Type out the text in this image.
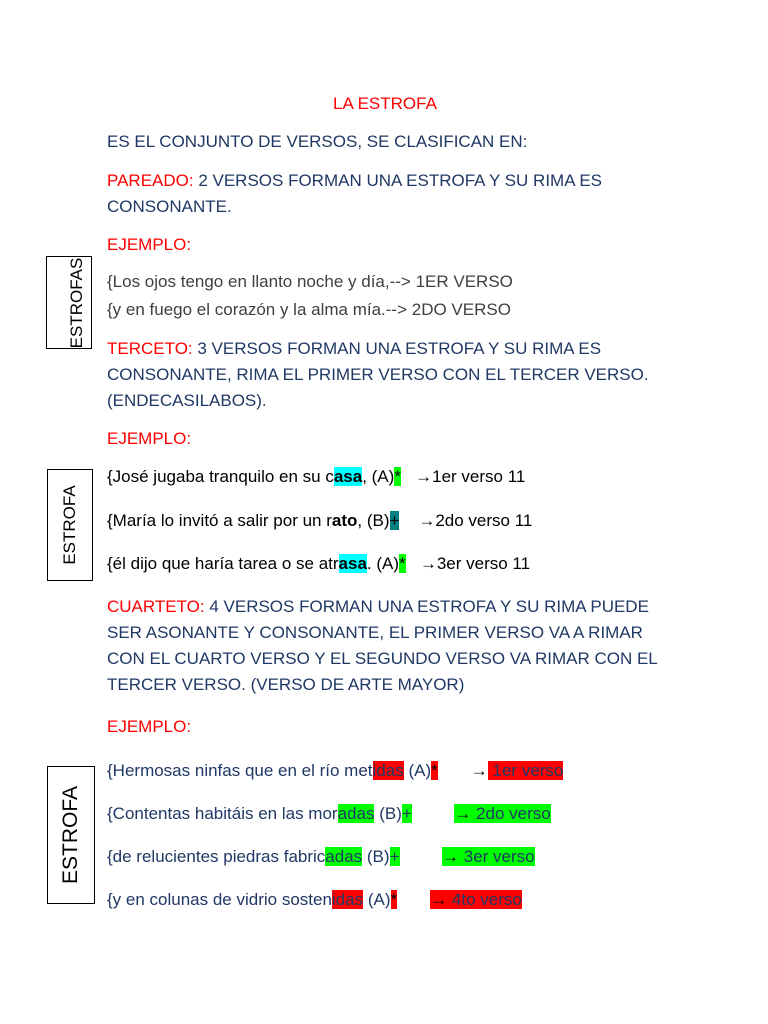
LA ESTROFA
ES EL CONJUNTO DE VERSOS, SE CLASIFICAN EN:
PAREADO: 2 VERSOS FORMAN UNA ESTROFA Y SU RIMA ES CONSONANTE.
EJEMPLO:
ESTROFAS {Los ojos tengo en llanto noche y día,--> 1ER VERSO
{y en fuego el corazón y la alma mía.--> 2DO VERSO
TERCETO: 3 VERSOS FORMAN UNA ESTROFA Y SU RIMA ES CONSONANTE, RIMA EL PRIMER VERSO CON EL TERCER VERSO. (ENDECASILABOS).
EJEMPLO:
ESTROFA
{José jugaba tranquilo en su casa, (A)* →1er verso 11
{María lo invitó a salir por un rato, (B)+ →2do verso 11
{él dijo que haría tarea o se atrasa. (A)* →3er verso 11
CUARTETO: 4 VERSOS FORMAN UNA ESTROFA Y SU RIMA PUEDE SER ASONANTE Y CONSONANTE, EL PRIMER VERSO VA A RIMAR CON EL CUARTO VERSO Y EL SEGUNDO VERSO VA RIMAR CON EL TERCER VERSO. (VERSO DE ARTE MAYOR)
EJEMPLO:
ESTROFA
{Hermosas ninfas que en el río metidas (A)* → 1er verso
{Contentas habitáis en las moradas (B)+	→ 2do verso
{de relucientes piedras fabricadas (B)+	→ 3er verso
{y en colunas de vidrio sostenidas (A)* → 4to verso
